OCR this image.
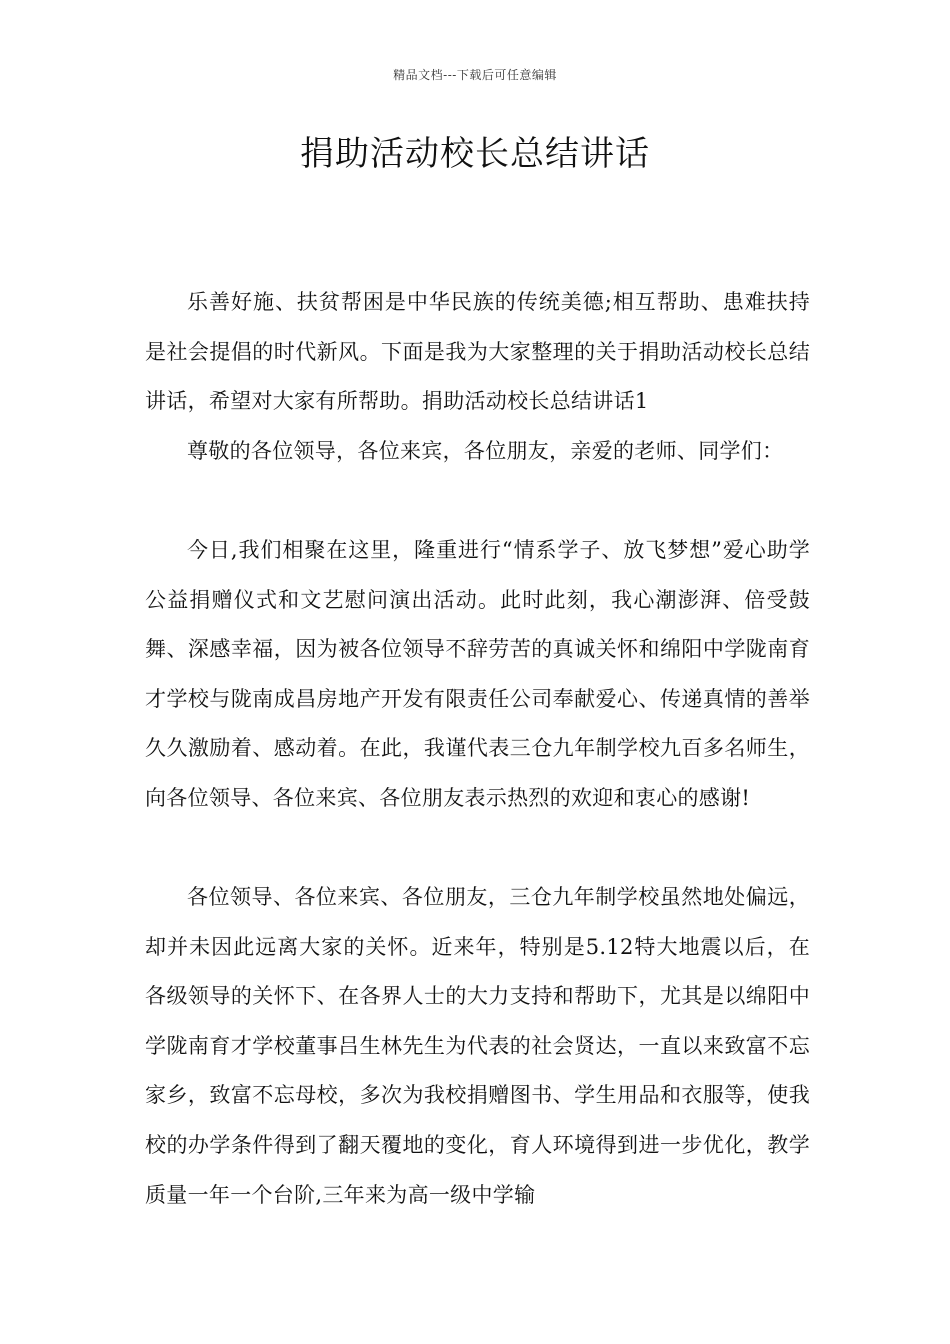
精品文档---下载后可任意编辑
捐助活动校长总结讲话

乐善好施、扶贫帮困是中华民族的传统美德;相互帮助、患难扶持是社会提倡的时代新风。下面是我为大家整理的关于捐助活动校长总结讲话，希望对大家有所帮助。捐助活动校长总结讲话1

尊敬的各位领导，各位来宾，各位朋友，亲爱的老师、同学们：

今日,我们相聚在这里，隆重进行“情系学子、放飞梦想”爱心助学公益捐赠仪式和文艺慰问演出活动。此时此刻，我心潮澎湃、倍受鼓舞、深感幸福，因为被各位领导不辞劳苦的真诚关怀和绵阳中学陇南育才学校与陇南成昌房地产开发有限责任公司奉献爱心、传递真情的善举久久激励着、感动着。在此，我谨代表三仓九年制学校九百多名师生，向各位领导、各位来宾、各位朋友表示热烈的欢迎和衷心的感谢!

各位领导、各位来宾、各位朋友，三仓九年制学校虽然地处偏远，却并未因此远离大家的关怀。近来年，特别是5.12特大地震以后，在各级领导的关怀下、在各界人士的大力支持和帮助下，尤其是以绵阳中学陇南育才学校董事吕生林先生为代表的社会贤达，一直以来致富不忘家乡，致富不忘母校，多次为我校捐赠图书、学生用品和衣服等，使我校的办学条件得到了翻天覆地的变化，育人环境得到进一步优化，教学质量一年一个台阶,三年来为高一级中学输
